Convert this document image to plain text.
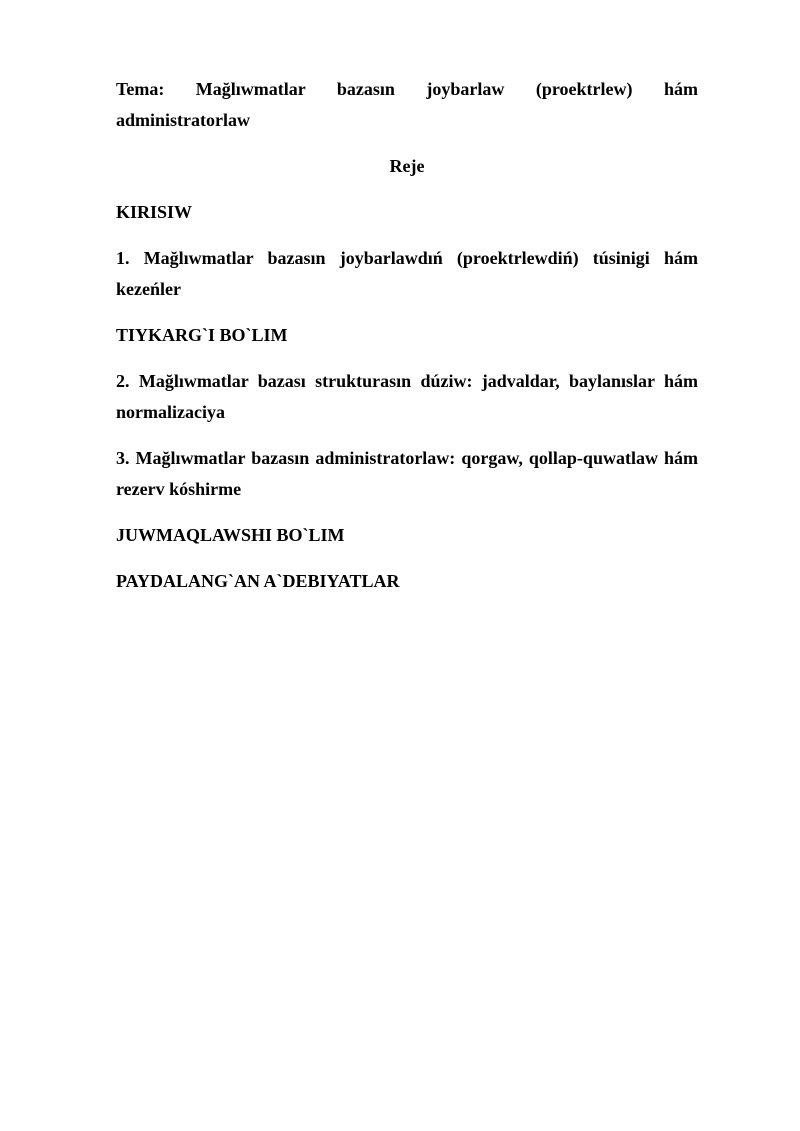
Tema: Mağlıwmatlar bazasın joybarlaw (proektrlew) hám administratorlaw

Reje

KIRISIW

1. Mağlıwmatlar bazasın joybarlawdıń (proektrlewdiń) túsinigi hám kezeńler

TIYKARG`I BO`LIM

2. Mağlıwmatlar bazası strukturasın dúziw: jadvaldar, baylanıslar hám normalizaciya

3. Mağlıwmatlar bazasın administratorlaw: qorgaw, qollap-quwatlaw hám rezerv kóshirme

JUWMAQLAWSHI BO`LIM

PAYDALANG`AN A`DEBIYATLAR
